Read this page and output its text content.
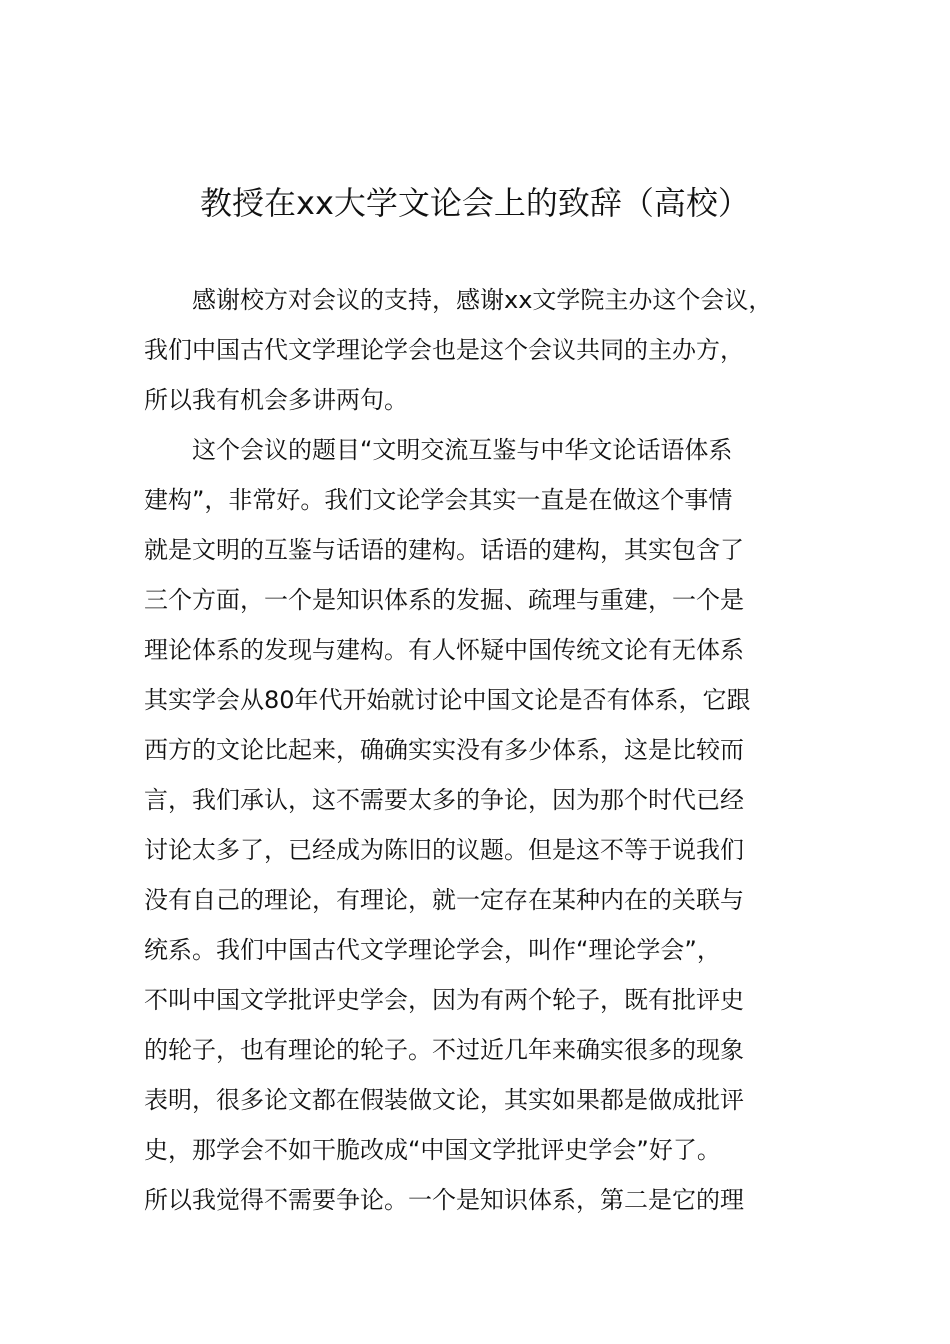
教授在xx大学文论会上的致辞（高校）
感谢校方对会议的支持，感谢xx文学院主办这个会议，
我们中国古代文学理论学会也是这个会议共同的主办方，
所以我有机会多讲两句。
这个会议的题目“文明交流互鉴与中华文论话语体系
建构”，非常好。我们文论学会其实一直是在做这个事情
就是文明的互鉴与话语的建构。话语的建构，其实包含了
三个方面，一个是知识体系的发掘、疏理与重建，一个是
理论体系的发现与建构。有人怀疑中国传统文论有无体系
其实学会从80年代开始就讨论中国文论是否有体系，它跟
西方的文论比起来，确确实实没有多少体系，这是比较而
言，我们承认，这不需要太多的争论，因为那个时代已经
讨论太多了，已经成为陈旧的议题。但是这不等于说我们
没有自己的理论，有理论，就一定存在某种内在的关联与
统系。我们中国古代文学理论学会，叫作“理论学会”，
不叫中国文学批评史学会，因为有两个轮子，既有批评史
的轮子，也有理论的轮子。不过近几年来确实很多的现象
表明，很多论文都在假装做文论，其实如果都是做成批评
史，那学会不如干脆改成“中国文学批评史学会”好了。
所以我觉得不需要争论。一个是知识体系，第二是它的理
